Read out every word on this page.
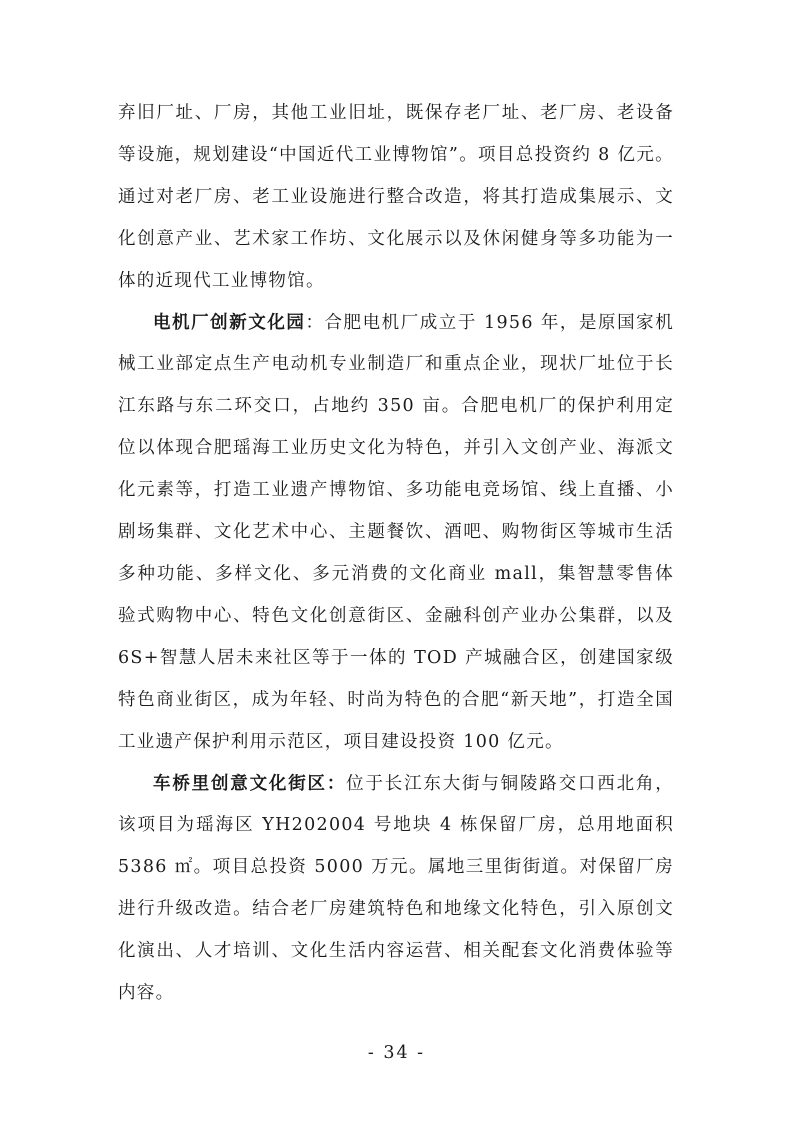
弃旧厂址、厂房，其他工业旧址，既保存老厂址、老厂房、老设备等设施，规划建设“中国近代工业博物馆”。项目总投资约 8 亿元。通过对老厂房、老工业设施进行整合改造，将其打造成集展示、文化创意产业、艺术家工作坊、文化展示以及休闲健身等多功能为一体的近现代工业博物馆。

电机厂创新文化园：合肥电机厂成立于 1956 年，是原国家机械工业部定点生产电动机专业制造厂和重点企业，现状厂址位于长江东路与东二环交口，占地约 350 亩。合肥电机厂的保护利用定位以体现合肥瑶海工业历史文化为特色，并引入文创产业、海派文化元素等，打造工业遗产博物馆、多功能电竞场馆、线上直播、小剧场集群、文化艺术中心、主题餐饮、酒吧、购物街区等城市生活多种功能、多样文化、多元消费的文化商业 mall，集智慧零售体验式购物中心、特色文化创意街区、金融科创产业办公集群，以及 6S+智慧人居未来社区等于一体的 TOD 产城融合区，创建国家级特色商业街区，成为年轻、时尚为特色的合肥“新天地”，打造全国工业遗产保护利用示范区，项目建设投资 100 亿元。

车桥里创意文化街区：位于长江东大街与铜陵路交口西北角，该项目为瑶海区 YH202004 号地块 4 栋保留厂房，总用地面积 5386 ㎡。项目总投资 5000 万元。属地三里街街道。对保留厂房进行升级改造。结合老厂房建筑特色和地缘文化特色，引入原创文化演出、人才培训、文化生活内容运营、相关配套文化消费体验等内容。

- 34 -
